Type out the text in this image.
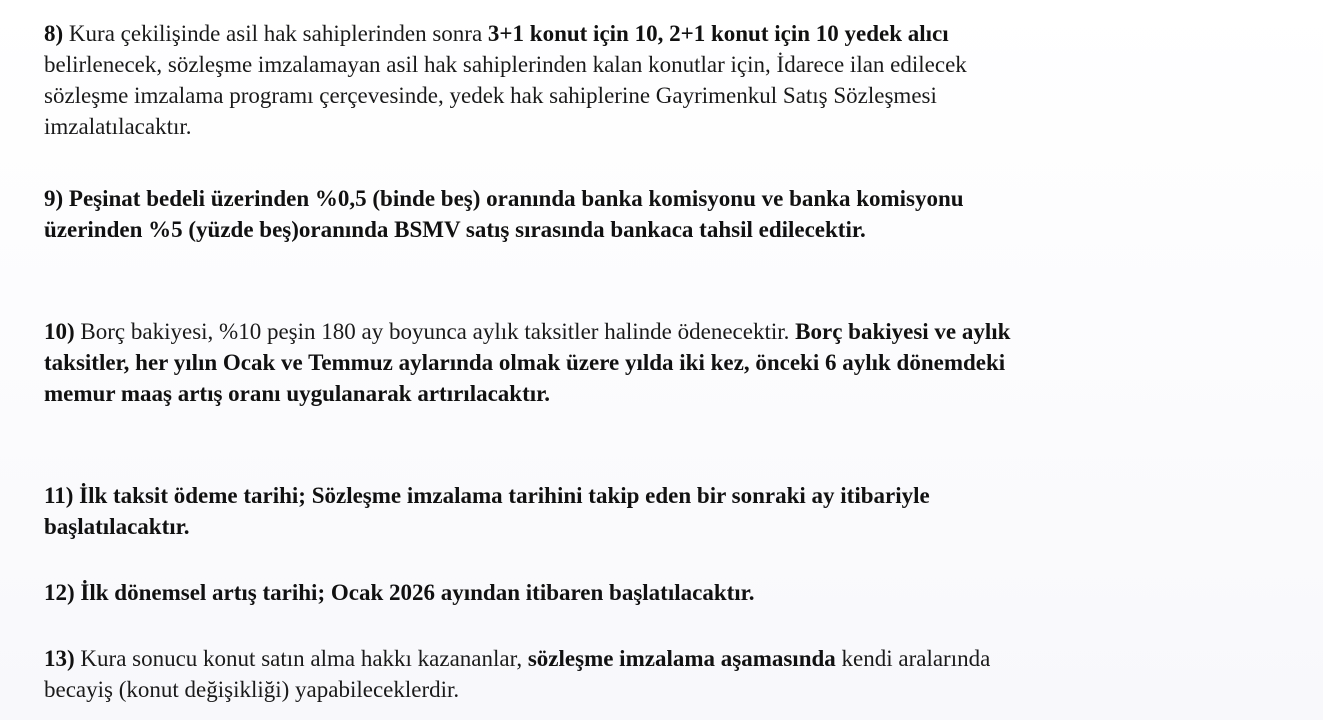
8) Kura çekilişinde asil hak sahiplerinden sonra 3+1 konut için 10, 2+1 konut için 10 yedek alıcı
belirlenecek, sözleşme imzalamayan asil hak sahiplerinden kalan konutlar için, İdarece ilan edilecek
sözleşme imzalama programı çerçevesinde, yedek hak sahiplerine Gayrimenkul Satış Sözleşmesi
imzalatılacaktır.

9) Peşinat bedeli üzerinden %0,5 (binde beş) oranında banka komisyonu ve banka komisyonu
üzerinden %5 (yüzde beş)oranında BSMV satış sırasında bankaca tahsil edilecektir.

10) Borç bakiyesi, %10 peşin 180 ay boyunca aylık taksitler halinde ödenecektir. Borç bakiyesi ve aylık
taksitler, her yılın Ocak ve Temmuz aylarında olmak üzere yılda iki kez, önceki 6 aylık dönemdeki
memur maaş artış oranı uygulanarak artırılacaktır.

11) İlk taksit ödeme tarihi; Sözleşme imzalama tarihini takip eden bir sonraki ay itibariyle
başlatılacaktır.

12) İlk dönemsel artış tarihi; Ocak 2026 ayından itibaren başlatılacaktır.

13) Kura sonucu konut satın alma hakkı kazananlar, sözleşme imzalama aşamasında kendi aralarında
becayiş (konut değişikliği) yapabileceklerdir.
